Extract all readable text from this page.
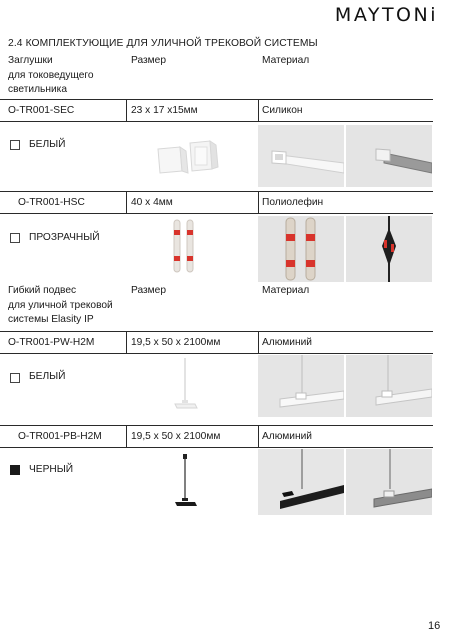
MAYTONi
2.4 КОМПЛЕКТУЮЩИЕ ДЛЯ УЛИЧНОЙ ТРЕКОВОЙ СИСТЕМЫ
Заглушки
для токоведущего
светильника
Размер	Материал
O-TR001-SEC	23 x 17 x15мм	Силикон
БЕЛЫЙ
O-TR001-HSC	40 x 4мм	Полиолефин
ПРОЗРАЧНЫЙ
Гибкий подвес
для уличной трековой
системы Elasity IP
Размер	Материал
O-TR001-PW-H2M	19,5 x 50 x 2100мм	Алюминий
БЕЛЫЙ
O-TR001-PB-H2M	19,5 x 50 x 2100мм	Алюминий
ЧЕРНЫЙ
16
